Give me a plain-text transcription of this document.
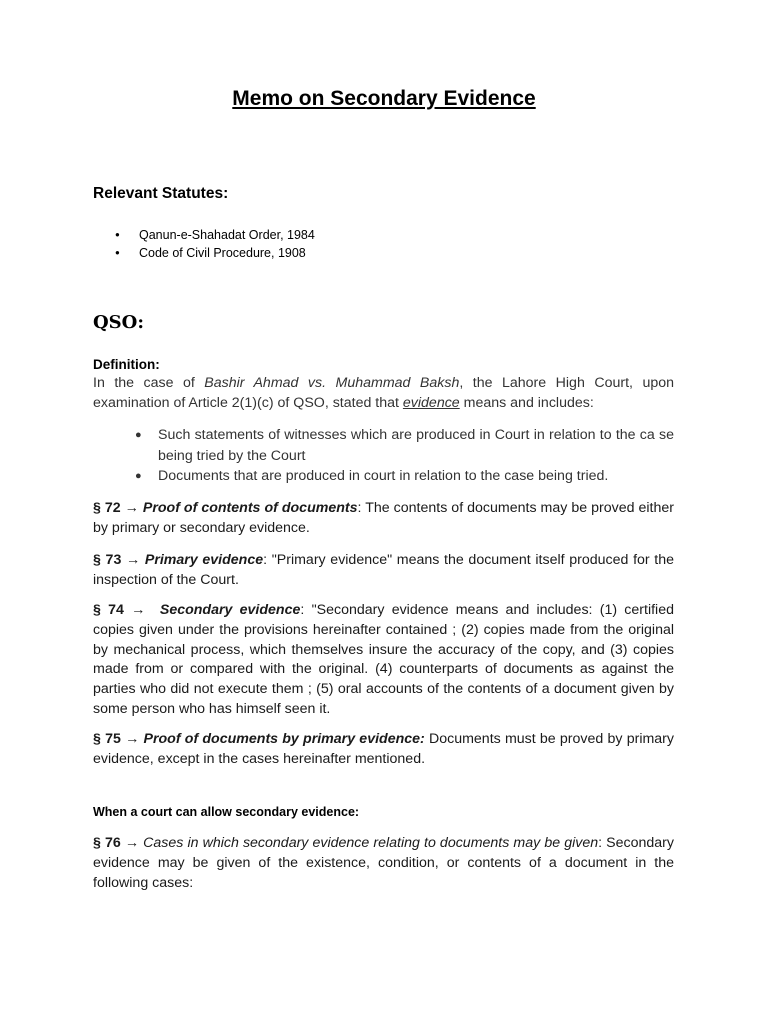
Memo on Secondary Evidence
Relevant Statutes:
● Qanun-e-Shahadat Order, 1984
● Code of Civil Procedure, 1908
QSO:
Definition:

In the case of Bashir Ahmad vs. Muhammad Baksh, the Lahore High Court, upon examination of Article 2(1)(c) of QSO, stated that evidence means and includes:

● Such statements of witnesses which are produced in Court in relation to the ca se being tried by the Court
● Documents that are produced in court in relation to the case being tried.

§ 72 → Proof of contents of documents: The contents of documents may be proved either by primary or secondary evidence.

§ 73 → Primary evidence: "Primary evidence" means the document itself produced for the inspection of the Court.

§ 74 → Secondary evidence: "Secondary evidence means and includes: (1) certified copies given under the provisions hereinafter contained ; (2) copies made from the original by mechanical process, which themselves insure the accuracy of the copy, and (3) copies made from or compared with the original. (4) counterparts of documents as against the parties who did not execute them ; (5) oral accounts of the contents of a document given by some person who has himself seen it.

§ 75 → Proof of documents by primary evidence: Documents must be proved by primary evidence, except in the cases hereinafter mentioned.

When a court can allow secondary evidence:

§ 76 → Cases in which secondary evidence relating to documents may be given: Secondary evidence may be given of the existence, condition, or contents of a document in the following cases:
